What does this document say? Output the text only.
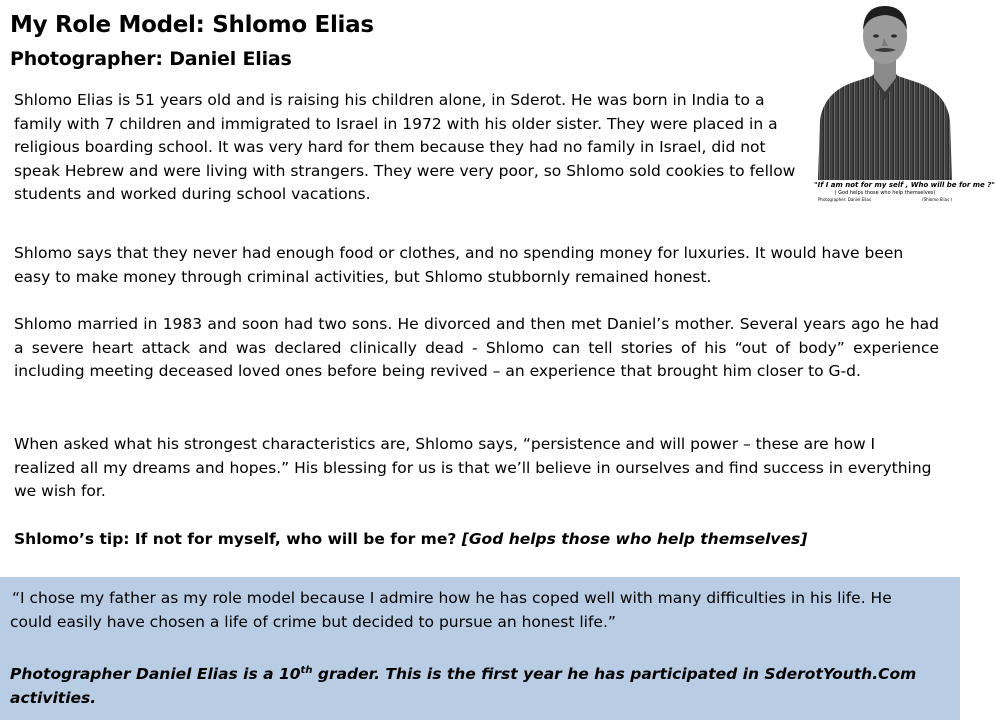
My Role Model: Shlomo Elias
Photographer: Daniel Elias
"If I am not for my self , Who will be for me ?"
( God helps those who help themselves)
Photographer: Daniel Elias	(Shlomo Elias )
Shlomo Elias is 51 years old and is raising his children alone, in Sderot. He was born in India to a family with 7 children and immigrated to Israel in 1972 with his older sister. They were placed in a religious boarding school. It was very hard for them because they had no family in Israel, did not speak Hebrew and were living with strangers. They were very poor, so Shlomo sold cookies to fellow students and worked during school vacations.
Shlomo says that they never had enough food or clothes, and no spending money for luxuries. It would have been easy to make money through criminal activities, but Shlomo stubbornly remained honest.
Shlomo married in 1983 and soon had two sons. He divorced and then met Daniel’s mother. Several years ago he had a severe heart attack and was declared clinically dead - Shlomo can tell stories of his “out of body” experience including meeting deceased loved ones before being revived – an experience that brought him closer to G-d.
When asked what his strongest characteristics are, Shlomo says, “persistence and will power – these are how I realized all my dreams and hopes.” His blessing for us is that we’ll believe in ourselves and find success in everything we wish for.
Shlomo’s tip: If not for myself, who will be for me? [God helps those who help themselves]
“I chose my father as my role model because I admire how he has coped well with many difficulties in his life. He could easily have chosen a life of crime but decided to pursue an honest life.”
Photographer Daniel Elias is a 10th grader. This is the first year he has participated in SderotYouth.Com activities.
